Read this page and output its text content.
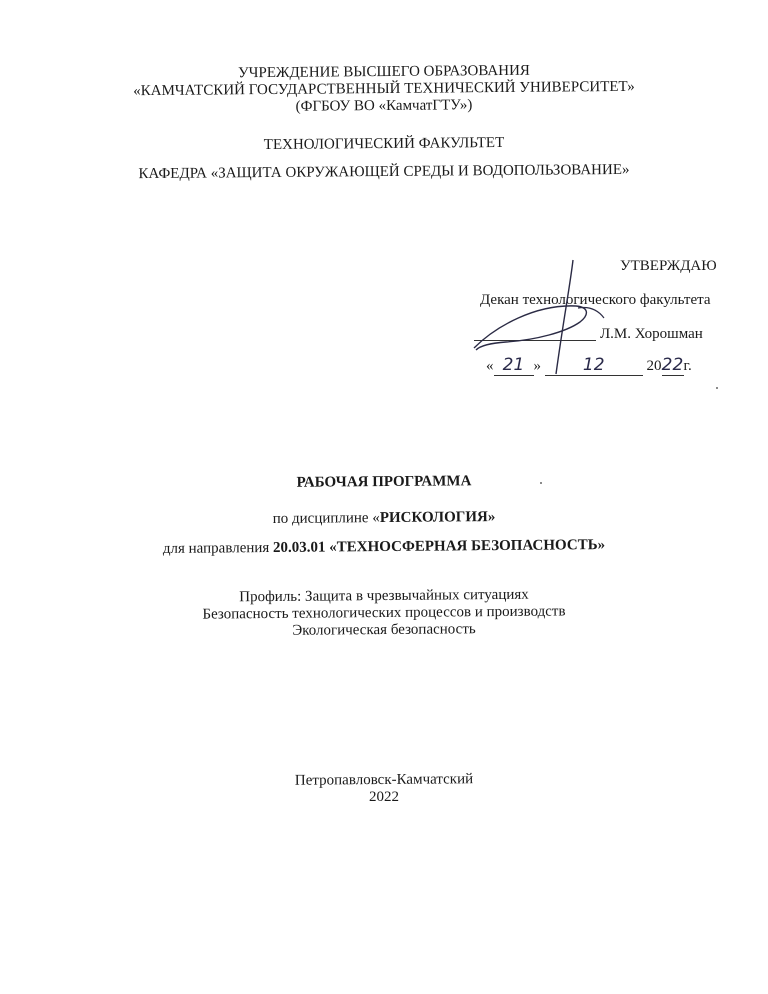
УЧРЕЖДЕНИЕ ВЫСШЕГО ОБРАЗОВАНИЯ
«КАМЧАТСКИЙ ГОСУДАРСТВЕННЫЙ ТЕХНИЧЕСКИЙ УНИВЕРСИТЕТ»
(ФГБОУ ВО «КамчатГТУ»)
ТЕХНОЛОГИЧЕСКИЙ ФАКУЛЬТЕТ
КАФЕДРА «ЗАЩИТА ОКРУЖАЮЩЕЙ СРЕДЫ И ВОДОПОЛЬЗОВАНИЕ»
УТВЕРЖДАЮ
Декан технологического факультета
Л.М. Хорошман
« 21 » 12	2022г.
РАБОЧАЯ ПРОГРАММА
по дисциплине «РИСКОЛОГИЯ»
для направления 20.03.01 «ТЕХНОСФЕРНАЯ БЕЗОПАСНОСТЬ»
Профиль: Защита в чрезвычайных ситуациях
Безопасность технологических процессов и производств
Экологическая безопасность
Петропавловск-Камчатский
2022
